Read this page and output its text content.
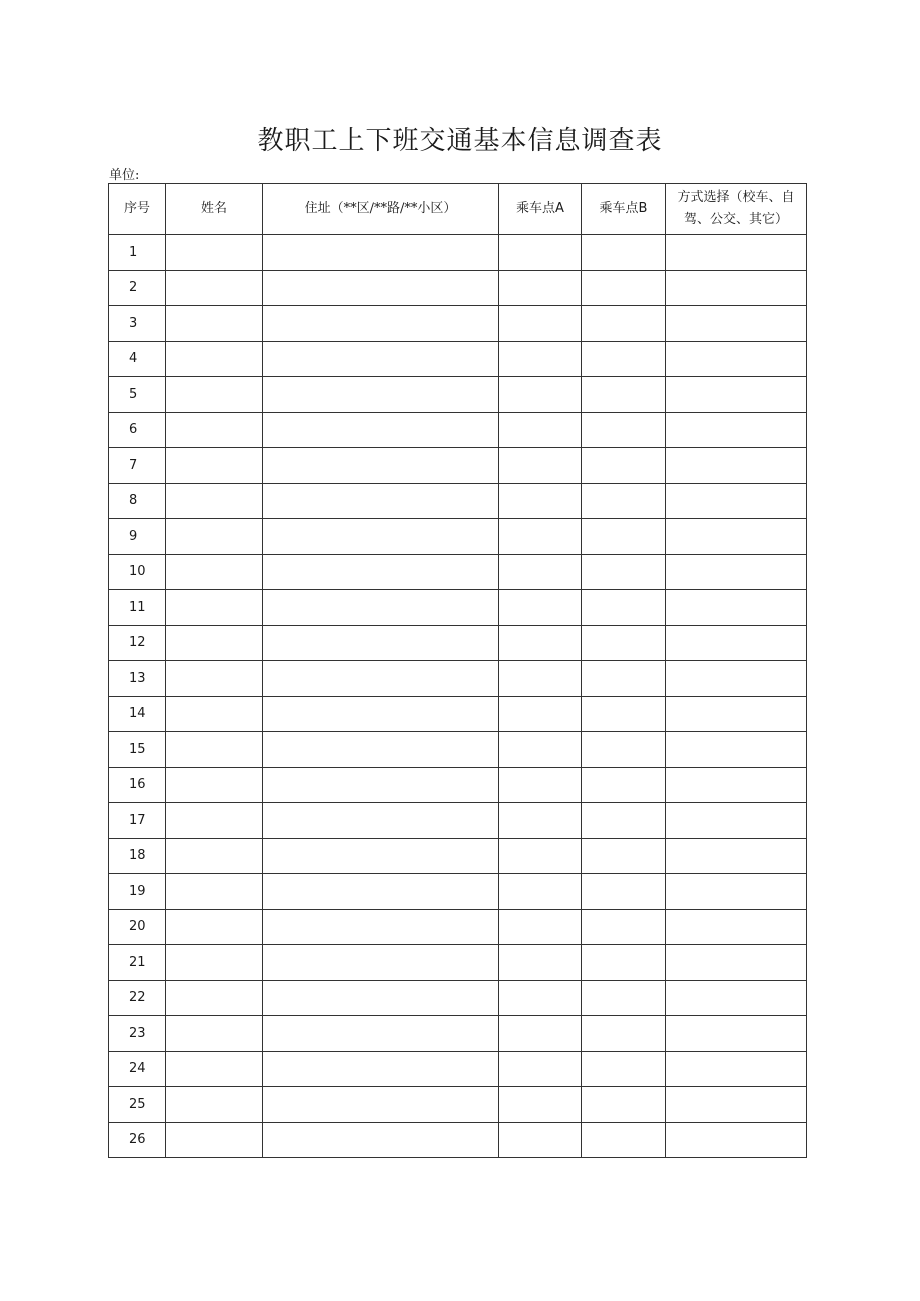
教职工上下班交通基本信息调查表
单位:
序号	姓名	住址（**区/**路/**小区）	乘车点A	乘车点B	方式选择（校车、自
驾、公交、其它）

1					
2					
3					
4					
5					
6					
7					
8					
9					
10					
11					
12					
13					
14					
15					
16					
17					
18					
19					
20					
21					
22					
23					
24					
25					
26					
